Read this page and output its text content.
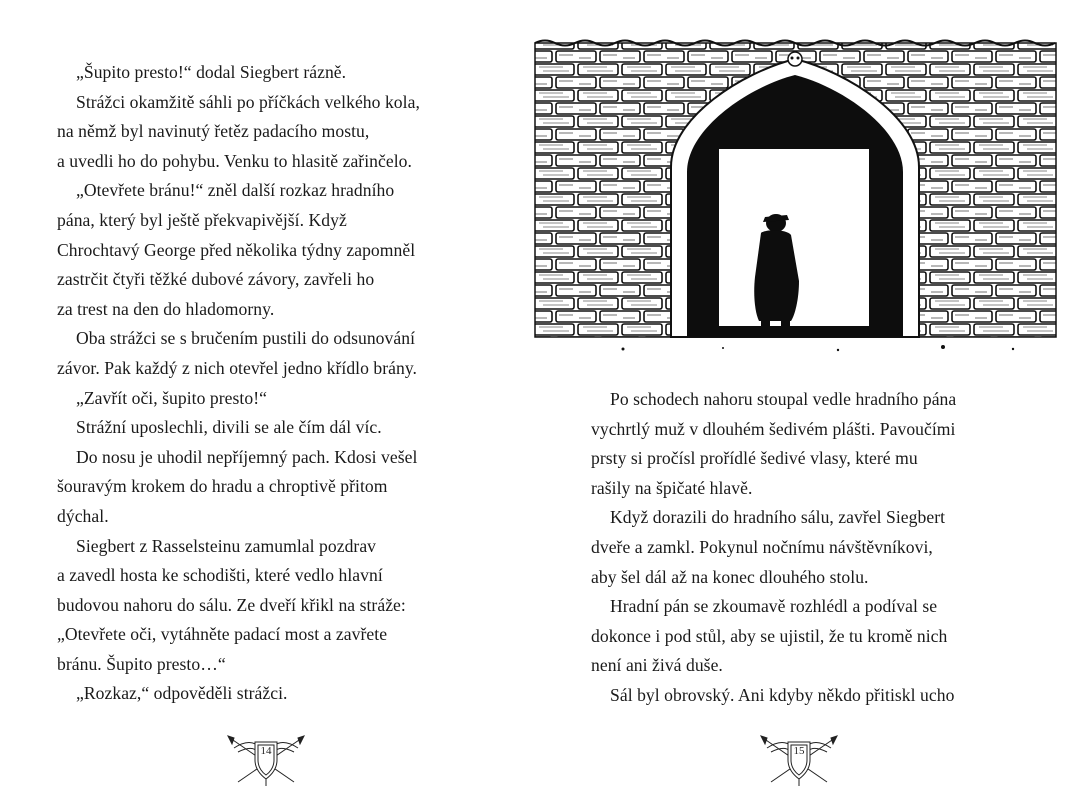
„Šupito presto!“ dodal Siegbert rázně.
Strážci okamžitě sáhli po příčkách velkého kola,
na němž byl navinutý řetěz padacího mostu,
a uvedli ho do pohybu. Venku to hlasitě zařinčelo.
„Otevřete bránu!“ zněl další rozkaz hradního
pána, který byl ještě překvapivější. Když
Chrochtavý George před několika týdny zapomněl
zastrčit čtyři těžké dubové závory, zavřeli ho
za trest na den do hladomorny.
Oba strážci se s bručením pustili do odsunování
závor. Pak každý z nich otevřel jedno křídlo brány.
„Zavřít oči, šupito presto!“
Strážní uposlechli, divili se ale čím dál víc.
Do nosu je uhodil nepříjemný pach. Kdosi vešel
šouravým krokem do hradu a chroptivě přitom
dýchal.
Siegbert z Rasselsteinu zamumlal pozdrav
a zavedl hosta ke schodišti, které vedlo hlavní
budovou nahoru do sálu. Ze dveří křikl na stráže:
„Otevřete oči, vytáhněte padací most a zavřete
bránu. Šupito presto…“
„Rozkaz,“ odpověděli strážci.
14
Po schodech nahoru stoupal vedle hradního pána
vychrtlý muž v dlouhém šedivém plášti. Pavoučími
prsty si pročísl prořídlé šedivé vlasy, které mu
rašily na špičaté hlavě.
Když dorazili do hradního sálu, zavřel Siegbert
dveře a zamkl. Pokynul nočnímu návštěvníkovi,
aby šel dál až na konec dlouhého stolu.
Hradní pán se zkoumavě rozhlédl a podíval se
dokonce i pod stůl, aby se ujistil, že tu kromě nich
není ani živá duše.
Sál byl obrovský. Ani kdyby někdo přitiskl ucho
15
